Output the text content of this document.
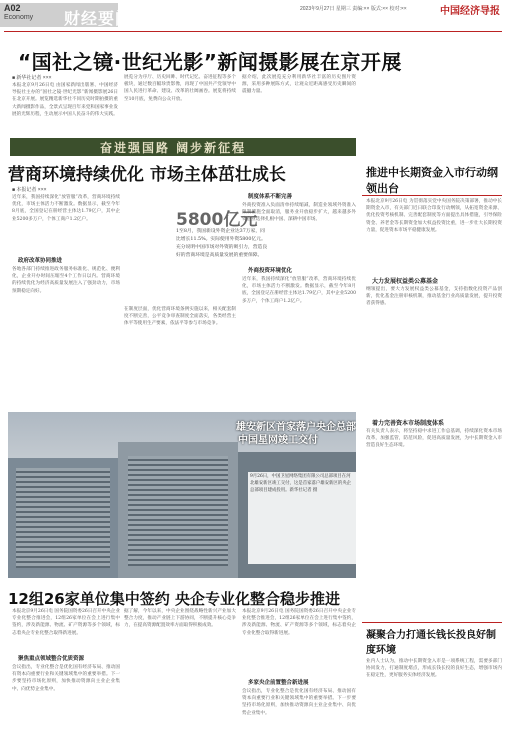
A02
Economy 财经要闻	2023年9月27日 星期三 责编:×× 版式:×× 校对:××	中国经济导报
“国社之镜·世纪光影”新闻摄影展在京开展
■ 新华社记者 ×××
本报北京9月26日电 由国家新闻出版署、中国经济导报社主办的“国社之镜·世纪光影”新闻摄影展26日在北京开展。展览精选新华社不同历史时期拍摄的重大新闻摄影作品，全景式呈现百年来党和国家事业发展的光辉历程，生动展示中国人民奋斗的伟大实践。
展览分为序厅、历史回眸、时代记忆、奋进征程等多个板块，通过数百幅珍贵影像，再现了中国共产党领导中国人民进行革命、建设、改革的壮阔画卷。展览将持续至10月底，免费向公众开放。
据介绍，此次展览充分利用新华社丰富的历史图片资源，采用多种展陈方式，让观众近距离感受历史瞬间的震撼力量。
奋进强国路 阔步新征程
营商环境持续优化 市场主体茁壮成长
■ 本报记者 ×××
近年来，我国持续深化“放管服”改革，营商环境持续优化，市场主体活力不断激发。数据显示，截至今年8月底，全国登记在册经营主体达1.79亿户，其中企业5200多万户，个体工商户1.2亿户。
政府改革协同推进
各地各部门持续推进政务服务标准化、规范化、便利化，企业开办时间压缩至4个工作日以内。营商环境的持续优化为经济高质量发展注入了强劲动力，市场预期稳定向好。
5800亿元
1至8月，我国新设外资企业达37万家，同比增长11.5%。实际使用外资5800亿元。充分说明中国市场对外资的吸引力，营造良好的营商环境是高质量发展的重要保障。
在制度层面，优化营商环境条例实施以来，相关配套制度不断完善，公平竞争审查制度全面落实，各类经营主体平等使用生产要素，依法平等参与市场竞争。
制度体系不断完善
外商投资准入负面清单持续缩减，制造业领域外资准入限制措施全面取消，服务业开放稳步扩大，越来越多外资企业选择扎根中国、深耕中国市场。
外商投资环境优化
近年来，我国持续深化“放管服”改革，营商环境持续优化，市场主体活力不断激发。数据显示，截至今年8月底，全国登记在册经营主体达1.79亿户，其中企业5200多万户，个体工商户1.2亿户。
推进中长期资金入市行动纲领出台
本报北京9月26日电 为贯彻落实党中央国务院决策部署，推动中长期资金入市，有关部门近日联合印发行动纲领，从拓宽资金来源、优化投资考核机制、完善配套制度等方面提出具体措施，引导保险资金、养老金等长期资金加大权益投资比重，进一步壮大长期投资力量，促进资本市场平稳健康发展。
大力发展权益类公募基金
纲领提出，要大力发展权益类公募基金，支持指数化投资产品创新，优化基金注册审核机制，推动基金行业高质量发展，提升投资者获得感。
着力完善资本市场制度体系
有关负责人表示，将坚持稳中求进工作总基调，持续深化资本市场改革，加强监管，防范风险，促进高质量发展，为中长期资金入市营造良好生态环境。
凝聚合力打通长钱长投良好制度环境
业内人士认为，推动中长期资金入市是一项系统工程，需要多部门协同发力，打通制度堵点，形成长钱长投的良好生态，增强市场内在稳定性，更好服务实体经济发展。
雄安新区首家落户央企总部
中国星网竣工交付
9月26日，中国卫星网络集团有限公司总部项目在河北雄安新区竣工交付，这是首家落户雄安新区的央企总部项目建成投用。新华社记者 摄
12组26家单位集中签约 央企专业化整合稳步推进
本报北京9月26日电 国务院国资委26日召开中央企业专业化整合推进会，12组26家单位在会上进行集中签约，涉及新能源、物流、矿产资源等多个领域，标志着央企专业化整合取得新进展。
聚焦重点领域整合优质资源
会议指出，专业化整合是优化国有经济布局、推动国有资本向重要行业和关键领域集中的重要举措。下一步要坚持市场化原则，加快推动资源向主业企业集中、向优势企业集中。
据了解，今年以来，中央企业围绕战略性新兴产业加大整合力度，推动产业链上下游协同，不断提升核心竞争力，在提高资源配置效率方面取得积极成效。
多家央企前置整合新进展
本报北京9月26日电 国务院国资委26日召开中央企业专业化整合推进会，12组26家单位在会上进行集中签约，涉及新能源、物流、矿产资源等多个领域，标志着央企专业化整合取得新进展。
会议指出，专业化整合是优化国有经济布局、推动国有资本向重要行业和关键领域集中的重要举措。下一步要坚持市场化原则，加快推动资源向主业企业集中、向优势企业集中。
